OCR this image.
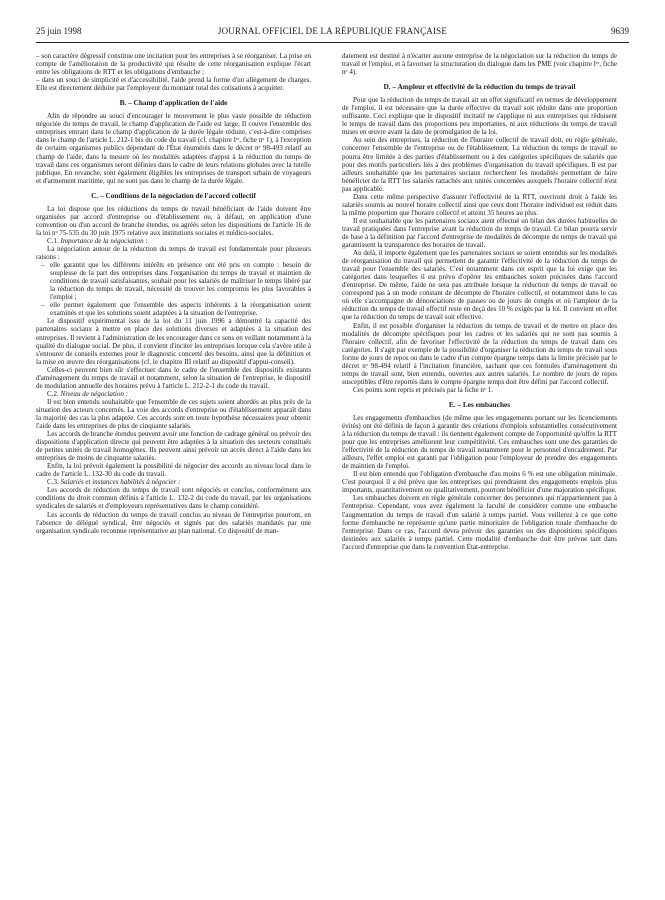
25 juin 1998	JOURNAL OFFICIEL DE LA RÉPUBLIQUE FRANÇAISE	9639

– son caractère dégressif constitue une incitation pour les entreprises à se réorganiser. La prise en compte de l'amélioration de la productivité qui résulte de cette réorganisation explique l'écart entre les obligations de RTT et les obligations d'embauche ;

– dans un souci de simplicité et d'accessibilité, l'aide prend la forme d'un allègement de charges. Elle est directement déduite par l'employeur du montant total des cotisations à acquitter.

B. – Champ d'application de l'aide

Afin de répondre au souci d'encourager le mouvement le plus vaste possible de réduction négociée du temps de travail, le champ d'application de l'aide est large. Il couvre l'ensemble des entreprises entrant dans le champ d'application de la durée légale réduite, c'est-à-dire comprises dans le champ de l'article L. 212-1 bis du code du travail (cf. chapitre Iᵉʳ, fiche nᵒ 1), à l'exception de certains organismes publics dépendant de l'État énumérés dans le décret nᵒ 98-493 relatif au champ de l'aide, dans la mesure où les modalités adaptées d'appui à la réduction du temps de travail dans ces organismes seront définies dans le cadre de leurs relations globales avec la tutelle publique. En revanche, sont également éligibles les entreprises de transport urbain de voyageurs et d'armement maritime, qui ne sont pas dans le champ de la durée légale.

C. – Conditions de la négociation de l'accord collectif

La loi dispose que les réductions du temps de travail bénéficiant de l'aide doivent être organisées par accord d'entreprise ou d'établissement ou, à défaut, en application d'une convention ou d'un accord de branche étendus, ou agréés selon les dispositions de l'article 16 de la loi nᵒ 75-535 du 30 juin 1975 relative aux institutions sociales et médico-sociales.

C.1. Importance de la négociation :

La négociation autour de la réduction du temps de travail est fondamentale pour plusieurs raisons :

– elle garantit que les différents intérêts en présence ont été pris en compte : besoin de souplesse de la part des entreprises dans l'organisation du temps de travail et maintien de conditions de travail satisfaisantes, souhait pour les salariés de maîtriser le temps libéré par la réduction du temps de travail, nécessité de trouver les compromis les plus favorables à l'emploi ;

– elle permet également que l'ensemble des aspects inhérents à la réorganisation soient examinés et que les solutions soient adaptées à la situation de l'entreprise.

Le dispositif expérimental issu de la loi du 11 juin 1996 a démontré la capacité des partenaires sociaux à mettre en place des solutions diverses et adaptées à la situation des entreprises. Il revient à l'administration de les encourager dans ce sens en veillant notamment à la qualité du dialogue social. De plus, il convient d'inciter les entreprises lorsque cela s'avère utile à s'entourer de conseils externes pour le diagnostic concerté des besoins, ainsi que la définition et la mise en œuvre des réorganisations (cf. le chapitre III relatif au dispositif d'appui-conseil).

Celles-ci peuvent bien sûr s'effectuer dans le cadre de l'ensemble des dispositifs existants d'aménagement du temps de travail et notamment, selon la situation de l'entreprise, le dispositif de modulation annuelle des horaires prévu à l'article L. 212-2-1 du code du travail.

C.2. Niveau de négociation :

Il est bien entendu souhaitable que l'ensemble de ces sujets soient abordés au plus près de la situation des acteurs concernés. La voie des accords d'entreprise ou d'établissement apparaît dans la majorité des cas la plus adaptée. Ces accords sont en toute hypothèse nécessaires pour obtenir l'aide dans les entreprises de plus de cinquante salariés.

Les accords de branche étendus peuvent avoir une fonction de cadrage général ou prévoir des dispositions d'application directe qui peuvent être adaptées à la situation des secteurs constitués de petites unités de travail homogènes. Ils peuvent ainsi prévoir un accès direct à l'aide dans les entreprises de moins de cinquante salariés.

Enfin, la loi prévoit également la possibilité de négocier des accords au niveau local dans le cadre de l'article L. 132-30 du code du travail.

C.3. Salariés et instances habilités à négocier :

Les accords de réduction du temps de travail sont négociés et conclus, conformément aux conditions du droit commun définis à l'article L. 132-2 du code du travail, par les organisations syndicales de salariés et d'employeurs représentatives dans le champ considéré.

Les accords de réduction du temps de travail conclus au niveau de l'entreprise pourront, en l'absence de délégué syndical, être négociés et signés par des salariés mandatés par une organisation syndicale reconnue représentative au plan national. Ce dispositif de man-

datement est destiné à n'écarter aucune entreprise de la négociation sur la réduction du temps de travail et l'emploi, et à favoriser la structuration du dialogue dans les PME (voir chapitre Iᵉʳ, fiche nᵒ 4).

D. – Ampleur et effectivité de la réduction du temps de travail

Pour que la réduction du temps de travail ait un effet significatif en termes de développement de l'emploi, il est nécessaire que la durée effective du travail soit réduite dans une proportion suffisante. Ceci explique que le dispositif incitatif ne s'applique ni aux entreprises qui réduisent le temps de travail dans des proportions peu importantes, ni aux réductions du temps de travail mises en œuvre avant la date de promulgation de la loi.

Au sein des entreprises, la réduction de l'horaire collectif de travail doit, en règle générale, concerner l'ensemble de l'entreprise ou de l'établissement. La réduction du temps de travail ne pourra être limitée à des parties d'établissement ou à des catégories spécifiques de salariés que pour des motifs particuliers liés à des problèmes d'organisation du travail spécifiques. Il est par ailleurs souhaitable que les partenaires sociaux recherchent les modalités permettant de faire bénéficier de la RTT les salariés rattachés aux unités concernées auxquels l'horaire collectif n'est pas applicable.

Dans cette même perspective d'assurer l'effectivité de la RTT, ouvriront droit à l'aide les salariés soumis au nouvel horaire collectif ainsi que ceux dont l'horaire individuel est réduit dans la même proportion que l'horaire collectif et atteint 35 heures au plus.

Il est souhaitable que les partenaires sociaux aient effectué un bilan des durées habituelles de travail pratiquées dans l'entreprise avant la réduction du temps de travail. Ce bilan pourra servir de base à la définition par l'accord d'entreprise de modalités de décompte du temps de travail qui garantissent la transparence des horaires de travail.

Au delà, il importe également que les partenaires sociaux se soient entendus sur les modalités de réorganisation du travail qui permettent de garantir l'effectivité de la réduction du temps de travail pour l'ensemble des salariés. C'est notamment dans cet esprit que la loi exige que les catégories dans lesquelles il est prévu d'opérer les embauches soient précisées dans l'accord d'entreprise. De même, l'aide ne sera pas attribuée lorsque la réduction du temps de travail ne correspond pas à un mode constant de décompte de l'horaire collectif, et notamment dans le cas où elle s'accompagne de dénonciations de pauses ou de jours de congés et où l'ampleur de la réduction du temps de travail effectif reste en deçà des 10 % exigés par la loi. Il convient en effet que la réduction du temps de travail soit effective.

Enfin, il est possible d'organiser la réduction du temps de travail et de mettre en place des modalités de décompte spécifiques pour les cadres et les salariés qui ne sont pas soumis à l'horaire collectif, afin de favoriser l'effectivité de la réduction du temps de travail dans ces catégories. Il s'agit par exemple de la possibilité d'organiser la réduction du temps de travail sous forme de jours de repos ou dans le cadre d'un compte épargne temps dans la limite précisée par le décret nᵒ 98-494 relatif à l'incitation financière, sachant que ces formules d'aménagement du temps de travail sont, bien entendu, ouvertes aux autres salariés. Le nombre de jours de repos susceptibles d'être reportés dans le compte épargne temps doit être défini par l'accord collectif.

Ces points sont repris et précisés par la fiche nᵒ 1.

E. – Les embauches

Les engagements d'embauches (de même que les engagements portant sur les licenciements évités) ont été définis de façon à garantir des créations d'emplois substantielles consécutivement à la réduction du temps de travail : ils tiennent également compte de l'opportunité qu'offre la RTT pour que les entreprises améliorent leur compétitivité. Ces embauches sont une des garanties de l'effectivité de la réduction du temps de travail notamment pour le personnel d'encadrement. Par ailleurs, l'effet emploi est garanti par l'obligation pour l'employeur de prendre des engagements de maintien de l'emploi.

Il est bien entendu que l'obligation d'embauche d'au moins 6 % est une obligation minimale. C'est pourquoi il a été prévu que les entreprises qui prendraient des engagements emplois plus importants, quantitativement ou qualitativement, pourront bénéficier d'une majoration spécifique.

Les embauches doivent en règle générale concerner des personnes qui n'appartiennent pas à l'entreprise. Cependant, vous avez également la faculté de considérer comme une embauche l'augmentation du temps de travail d'un salarié à temps partiel. Vous veillerez à ce que cette forme d'embauche ne représente qu'une partie minoritaire de l'obligation totale d'embauche de l'entreprise. Dans ce cas, l'accord devra prévoir des garanties ou des dispositions spécifiques destinées aux salariés à temps partiel. Cette modalité d'embauche doit être prévue tant dans l'accord d'entreprise que dans la convention État-entreprise.
